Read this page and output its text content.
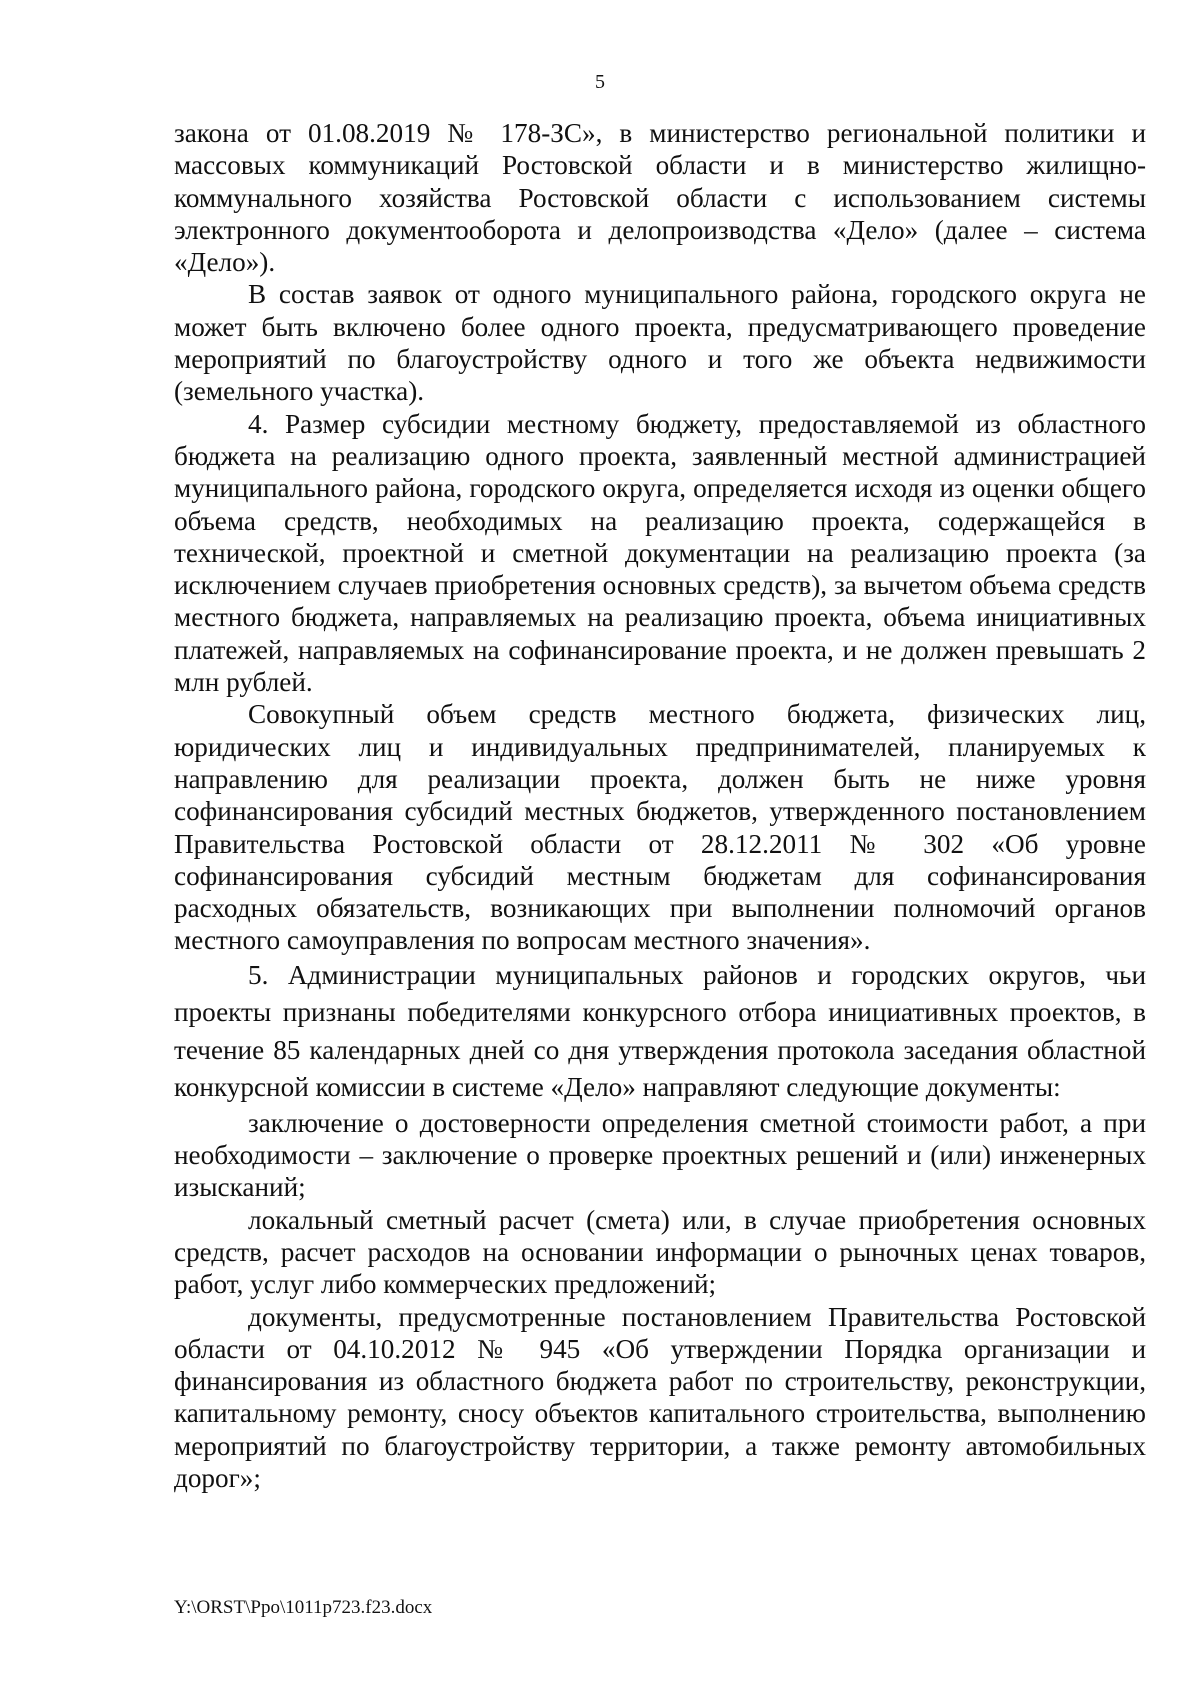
5

закона от 01.08.2019 № 178-ЗС», в министерство региональной политики и массовых коммуникаций Ростовской области и в министерство жилищно-коммунального хозяйства Ростовской области с использованием системы электронного документооборота и делопроизводства «Дело» (далее – система «Дело»).

В состав заявок от одного муниципального района, городского округа не может быть включено более одного проекта, предусматривающего проведение мероприятий по благоустройству одного и того же объекта недвижимости (земельного участка).

4. Размер субсидии местному бюджету, предоставляемой из областного бюджета на реализацию одного проекта, заявленный местной администрацией муниципального района, городского округа, определяется исходя из оценки общего объема средств, необходимых на реализацию проекта, содержащейся в технической, проектной и сметной документации на реализацию проекта (за исключением случаев приобретения основных средств), за вычетом объема средств местного бюджета, направляемых на реализацию проекта, объема инициативных платежей, направляемых на софинансирование проекта, и не должен превышать 2 млн рублей.

Совокупный объем средств местного бюджета, физических лиц, юридических лиц и индивидуальных предпринимателей, планируемых к направлению для реализации проекта, должен быть не ниже уровня софинансирования субсидий местных бюджетов, утвержденного постановлением Правительства Ростовской области от 28.12.2011 № 302 «Об уровне софинансирования субсидий местным бюджетам для софинансирования расходных обязательств, возникающих при выполнении полномочий органов местного самоуправления по вопросам местного значения».

5. Администрации муниципальных районов и городских округов, чьи проекты признаны победителями конкурсного отбора инициативных проектов, в течение 85 календарных дней со дня утверждения протокола заседания областной конкурсной комиссии в системе «Дело» направляют следующие документы:

заключение о достоверности определения сметной стоимости работ, а при необходимости – заключение о проверке проектных решений и (или) инженерных изысканий;

локальный сметный расчет (смета) или, в случае приобретения основных средств, расчет расходов на основании информации о рыночных ценах товаров, работ, услуг либо коммерческих предложений;

документы, предусмотренные постановлением Правительства Ростовской области от 04.10.2012 № 945 «Об утверждении Порядка организации и финансирования из областного бюджета работ по строительству, реконструкции, капитальному ремонту, сносу объектов капитального строительства, выполнению мероприятий по благоустройству территории, а также ремонту автомобильных дорог»;

Y:\ORST\Ppo\1011p723.f23.docx
